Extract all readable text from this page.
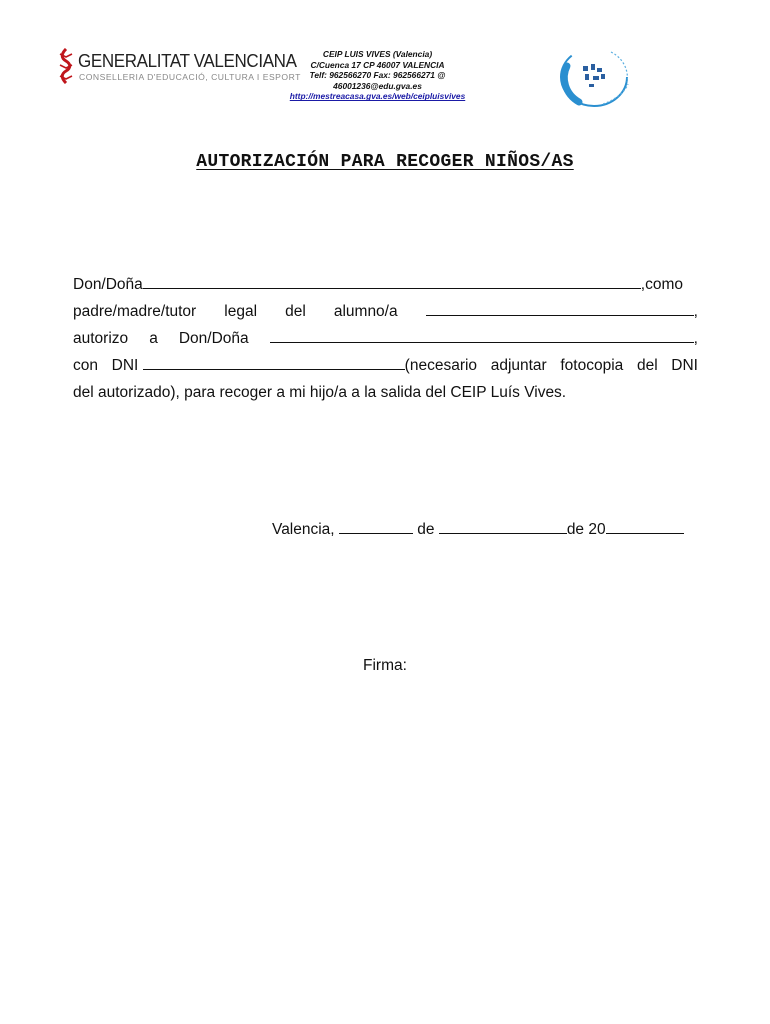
GENERALITAT VALENCIANA
CONSELLERIA D'EDUCACIÓ, CULTURA I ESPORT
CEIP LUIS VIVES (Valencia)
C/Cuenca 17 CP 46007 VALENCIA
Telf: 962566270 Fax: 962566271 @
46001236@edu.gva.es
http://mestreacasa.gva.es/web/ceipluisvives
AUTORIZACIÓN PARA RECOGER NIÑOS/AS
Don/Doña	,como
padre/madre/tutor legal del alumno/a	,
autorizo a Don/Doña	,
con DNI	(necesario adjuntar fotocopia del DNI
del autorizado), para recoger a mi hijo/a a la salida del CEIP Luís Vives.
Valencia,	de	de 20
Firma:
